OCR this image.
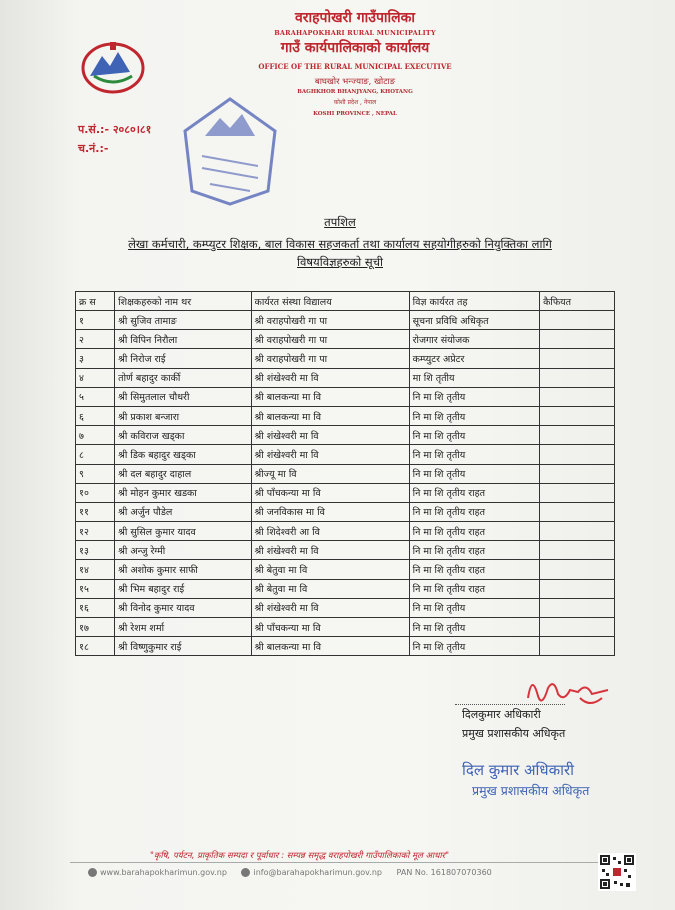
वराहपोखरी गाउँपालिका
BARAHAPOKHARI RURAL MUNICIPALITY
गाउँ कार्यपालिकाको कार्यालय
OFFICE OF THE RURAL MUNICIPAL EXECUTIVE
बाघखोर भन्ज्याङ, खोटाङ
BAGHKHOR BHANJYANG, KHOTANG
कोशी प्रदेश , नेपाल
KOSHI PROVINCE , NEPAL
प.सं.:- २०८०।८१
च.नं.:-
तपशिल
लेखा कर्मचारी, कम्प्युटर शिक्षक, बाल विकास सहजकर्ता तथा कार्यालय सहयोगीहरुको नियुक्तिका लागि
विषयविज्ञहरुको सूची
क्र स	शिक्षकहरुको नाम थर	कार्यरत संस्था विद्यालय	विज्ञ कार्यरत तह	कैफियत
१	श्री सुजिव तामाङ	श्री वराहपोखरी गा पा	सूचना प्रविधि अधिकृत	
२	श्री विपिन निरौला	श्री वराहपोखरी गा पा	रोजगार संयोजक	
३	श्री निरोज राई	श्री वराहपोखरी गा पा	कम्प्युटर अप्रेटर	
४	तोर्ण बहादुर कार्की	श्री शंखेश्वरी मा वि	मा शि तृतीय	
५	श्री सिमुतलाल चौधरी	श्री बालकन्या मा वि	नि मा शि तृतीय	
६	श्री प्रकाश बन्जारा	श्री बालकन्या मा वि	नि मा शि तृतीय	
७	श्री कविराज खड्का	श्री शंखेश्वरी मा वि	नि मा शि तृतीय	
८	श्री डिक बहादुर खड्का	श्री शंखेश्वरी मा वि	नि मा शि तृतीय	
९	श्री दल बहादुर दाहाल	श्रीज्यू मा वि	नि मा शि तृतीय	
१०	श्री मोहन कुमार खडका	श्री पाँचकन्या मा वि	नि मा शि तृतीय राहत	
११	श्री अर्जुन पौडेल	श्री जनविकास मा वि	नि मा शि तृतीय राहत	
१२	श्री सुसिल कुमार यादव	श्री शिदेश्वरी आ वि	नि मा शि तृतीय राहत	
१३	श्री अन्जु रेग्मी	श्री शंखेश्वरी मा वि	नि मा शि तृतीय राहत	
१४	श्री अशोक कुमार साफी	श्री बेतुवा मा वि	नि मा शि तृतीय राहत	
१५	श्री भिम बहादुर राई	श्री बेतुवा मा वि	नि मा शि तृतीय राहत	
१६	श्री विनोद कुमार यादव	श्री शंखेश्वरी मा वि	नि मा शि तृतीय	
१७	श्री रेशम शर्मा	श्री पाँचकन्या मा वि	नि मा शि तृतीय	
१८	श्री विष्णुकुमार राई	श्री बालकन्या मा वि	नि मा शि तृतीय	
दिलकुमार अधिकारी
प्रमुख प्रशासकीय अधिकृत
दिल कुमार अधिकारी
प्रमुख प्रशासकीय अधिकृत
"कृषि, पर्यटन, प्राकृतिक सम्पदा र पूर्वाधार : सम्पन्न समृद्ध वराहपोखरी गाउँपालिकाको मूल आधार"
www.barahapokharimun.gov.np	info@barahapokharimun.gov.np PAN No. 161807070360
